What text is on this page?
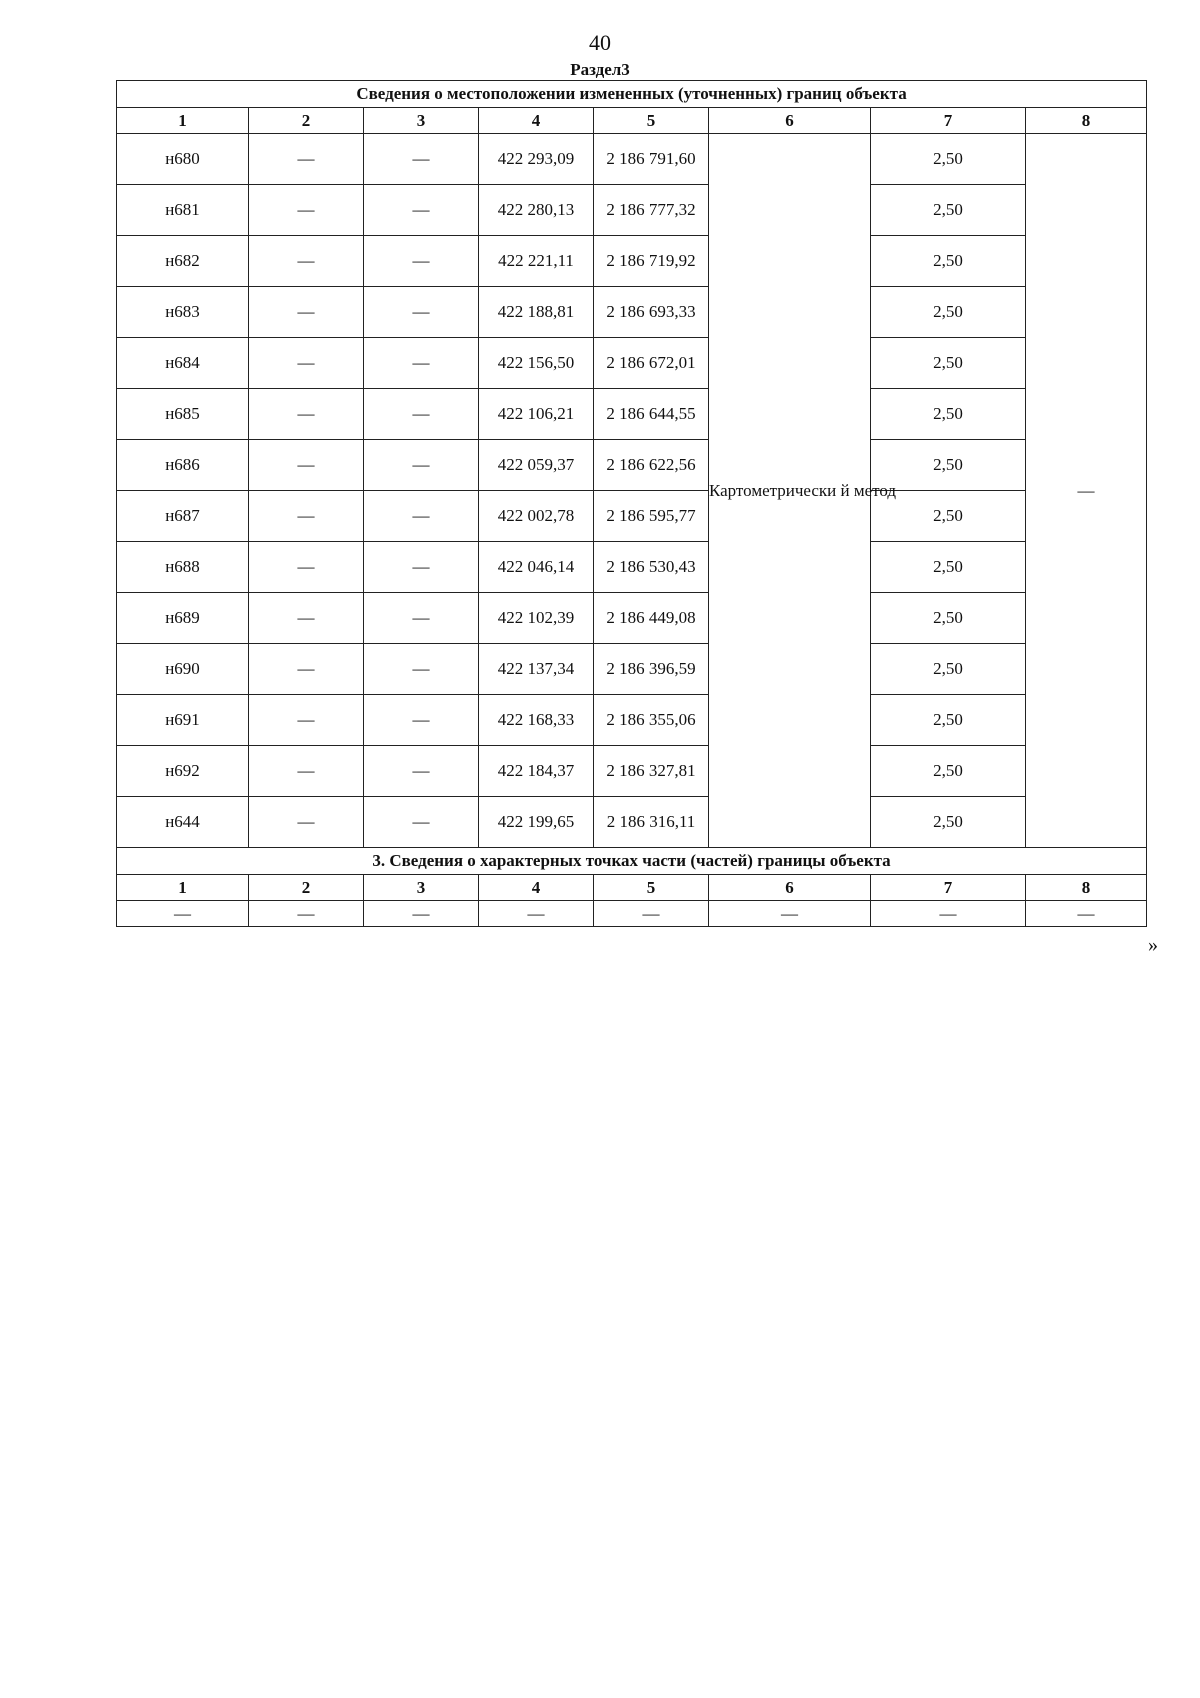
40
Раздел3
Сведения о местоположении измененных (уточненных) границ объекта							
1	2	3	4	5	6	7	8
н680	—	—	422 293,09	2 186 791,60	Картометрически й метод	2,50	—
н681	—	—	422 280,13	2 186 777,32		2,50	
н682	—	—	422 221,11	2 186 719,92		2,50	
н683	—	—	422 188,81	2 186 693,33		2,50	
н684	—	—	422 156,50	2 186 672,01		2,50	
н685	—	—	422 106,21	2 186 644,55		2,50	
н686	—	—	422 059,37	2 186 622,56		2,50	
н687	—	—	422 002,78	2 186 595,77		2,50	
н688	—	—	422 046,14	2 186 530,43		2,50	
н689	—	—	422 102,39	2 186 449,08		2,50	
н690	—	—	422 137,34	2 186 396,59		2,50	
н691	—	—	422 168,33	2 186 355,06		2,50	
н692	—	—	422 184,37	2 186 327,81		2,50	
н644	—	—	422 199,65	2 186 316,11		2,50	
3. Сведения о характерных точках части (частей) границы объекта							
1	2	3	4	5	6	7	8
—	—	—	—	—	—	—	—
»
